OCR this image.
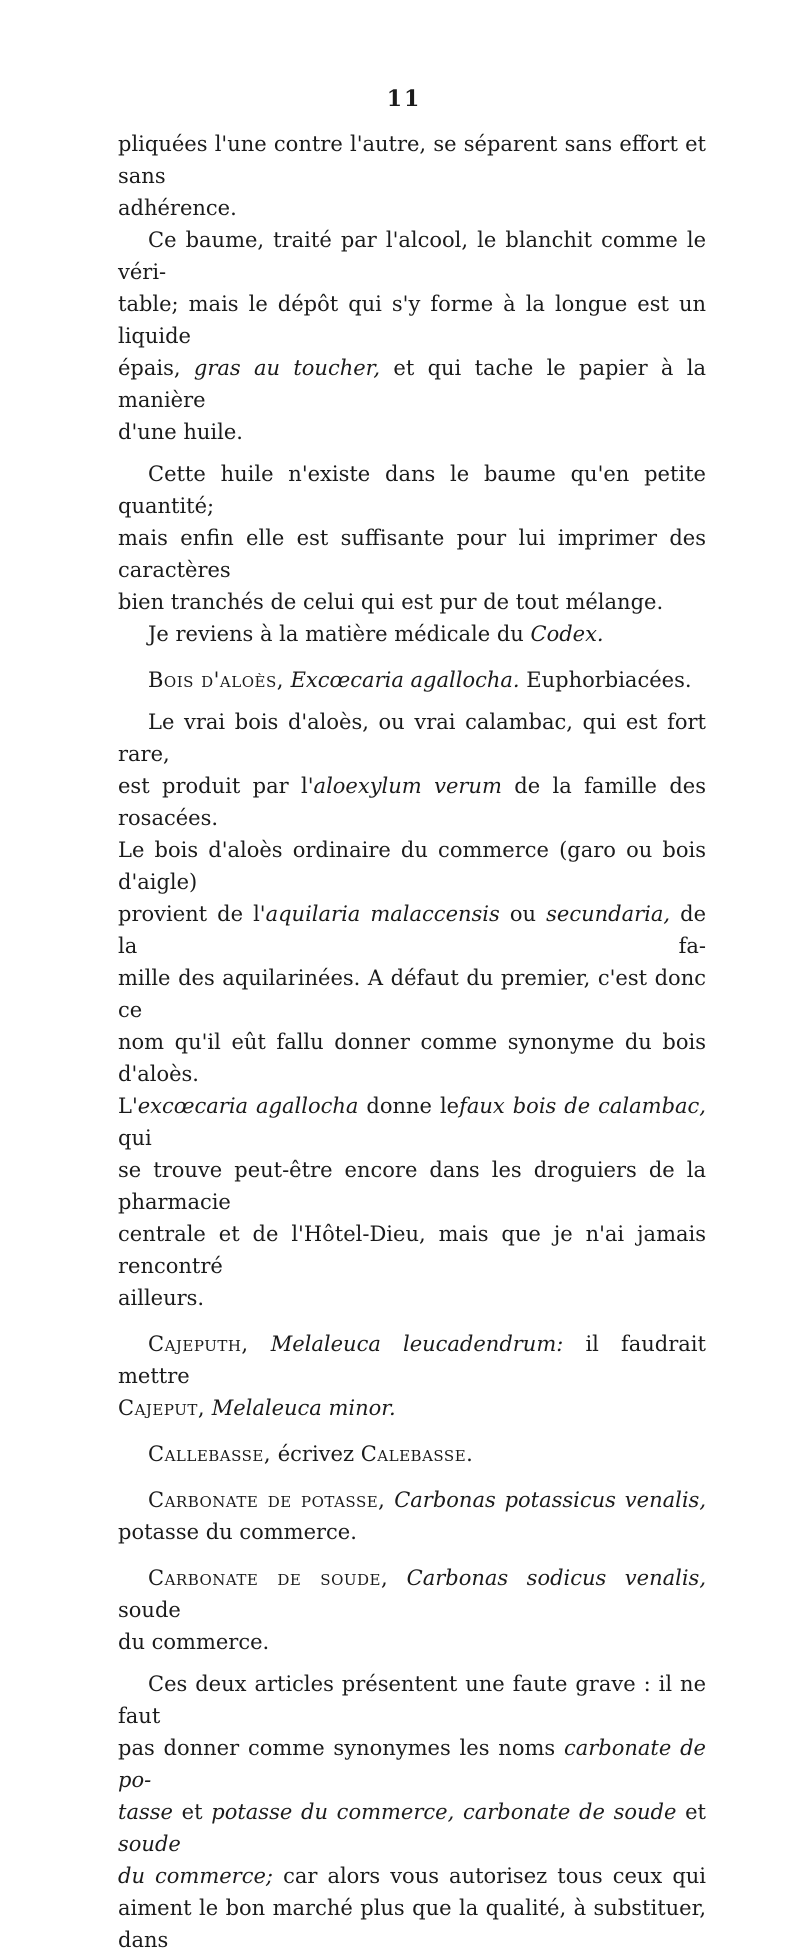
11
pliquées l'une contre l'autre, se séparent sans effort et sans
adhérence.
Ce baume, traité par l'alcool, le blanchit comme le véri-
table; mais le dépôt qui s'y forme à la longue est un liquide
épais, gras au toucher, et qui tache le papier à la manière
d'une huile.
Cette huile n'existe dans le baume qu'en petite quantité;
mais enfin elle est suffisante pour lui imprimer des caractères
bien tranchés de celui qui est pur de tout mélange.
Je reviens à la matière médicale du Codex.
Bois d'aloès, Excœcaria agallocha. Euphorbiacées.
Le vrai bois d'aloès, ou vrai calambac, qui est fort rare,
est produit par l'aloexylum verum de la famille des rosacées.
Le bois d'aloès ordinaire du commerce (garo ou bois d'aigle)
provient de l'aquilaria malaccensis ou secundaria, de la fa-
mille des aquilarinées. A défaut du premier, c'est donc ce
nom qu'il eût fallu donner comme synonyme du bois d'aloès.
L'excœcaria agallocha donne lefaux bois de calambac, qui
se trouve peut-être encore dans les droguiers de la pharmacie
centrale et de l'Hôtel-Dieu, mais que je n'ai jamais rencontré
ailleurs.
Cajeputh, Melaleuca leucadendrum: il faudrait mettre
Cajeput, Melaleuca minor.
Callebasse, écrivez Calebasse.
Carbonate de potasse, Carbonas potassicus venalis,
potasse du commerce.
Carbonate de soude, Carbonas sodicus venalis, soude
du commerce.
Ces deux articles présentent une faute grave : il ne faut
pas donner comme synonymes les noms carbonate de po-
tasse et potasse du commerce, carbonate de soude et soude
du commerce; car alors vous autorisez tous ceux qui
aiment le bon marché plus que la qualité, à substituer, dans
